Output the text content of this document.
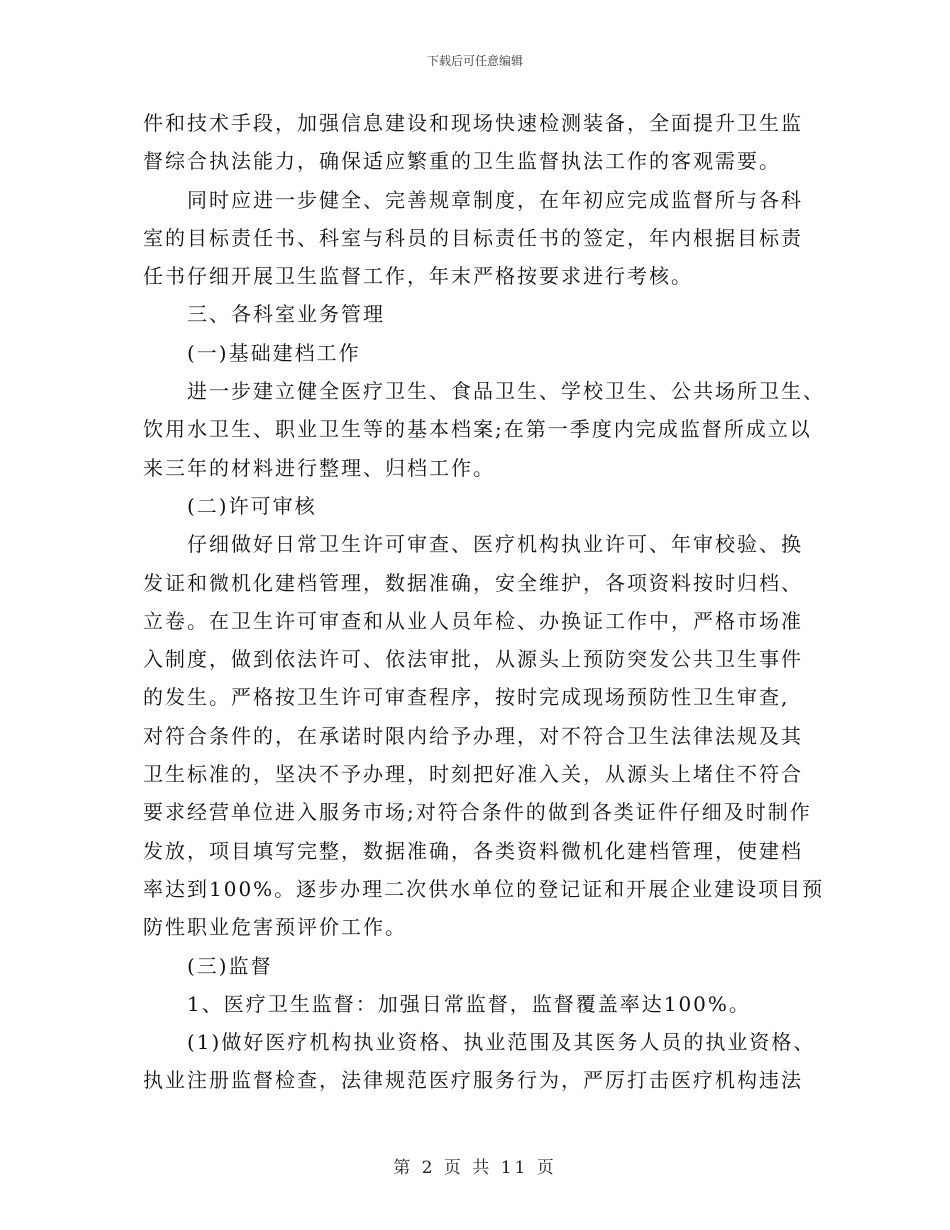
下载后可任意编辑

件和技术手段，加强信息建设和现场快速检测装备，全面提升卫生监

督综合执法能力，确保适应繁重的卫生监督执法工作的客观需要。

同时应进一步健全、完善规章制度，在年初应完成监督所与各科

室的目标责任书、科室与科员的目标责任书的签定，年内根据目标责

任书仔细开展卫生监督工作，年末严格按要求进行考核。

三、各科室业务管理

(一)基础建档工作

进一步建立健全医疗卫生、食品卫生、学校卫生、公共场所卫生、

饮用水卫生、职业卫生等的基本档案;在第一季度内完成监督所成立以

来三年的材料进行整理、归档工作。

(二)许可审核

仔细做好日常卫生许可审查、医疗机构执业许可、年审校验、换

发证和微机化建档管理，数据准确，安全维护，各项资料按时归档、

立卷。在卫生许可审查和从业人员年检、办换证工作中，严格市场准

入制度，做到依法许可、依法审批，从源头上预防突发公共卫生事件

的发生。严格按卫生许可审查程序，按时完成现场预防性卫生审查,

对符合条件的，在承诺时限内给予办理，对不符合卫生法律法规及其

卫生标准的，坚决不予办理，时刻把好准入关，从源头上堵住不符合

要求经营单位进入服务市场;对符合条件的做到各类证件仔细及时制作

发放，项目填写完整，数据准确，各类资料微机化建档管理，使建档

率达到100%。逐步办理二次供水单位的登记证和开展企业建设项目预

防性职业危害预评价工作。

(三)监督

1、医疗卫生监督：加强日常监督，监督覆盖率达100%。

(1)做好医疗机构执业资格、执业范围及其医务人员的执业资格、

执业注册监督检查，法律规范医疗服务行为，严厉打击医疗机构违法

第 2 页 共 11 页
